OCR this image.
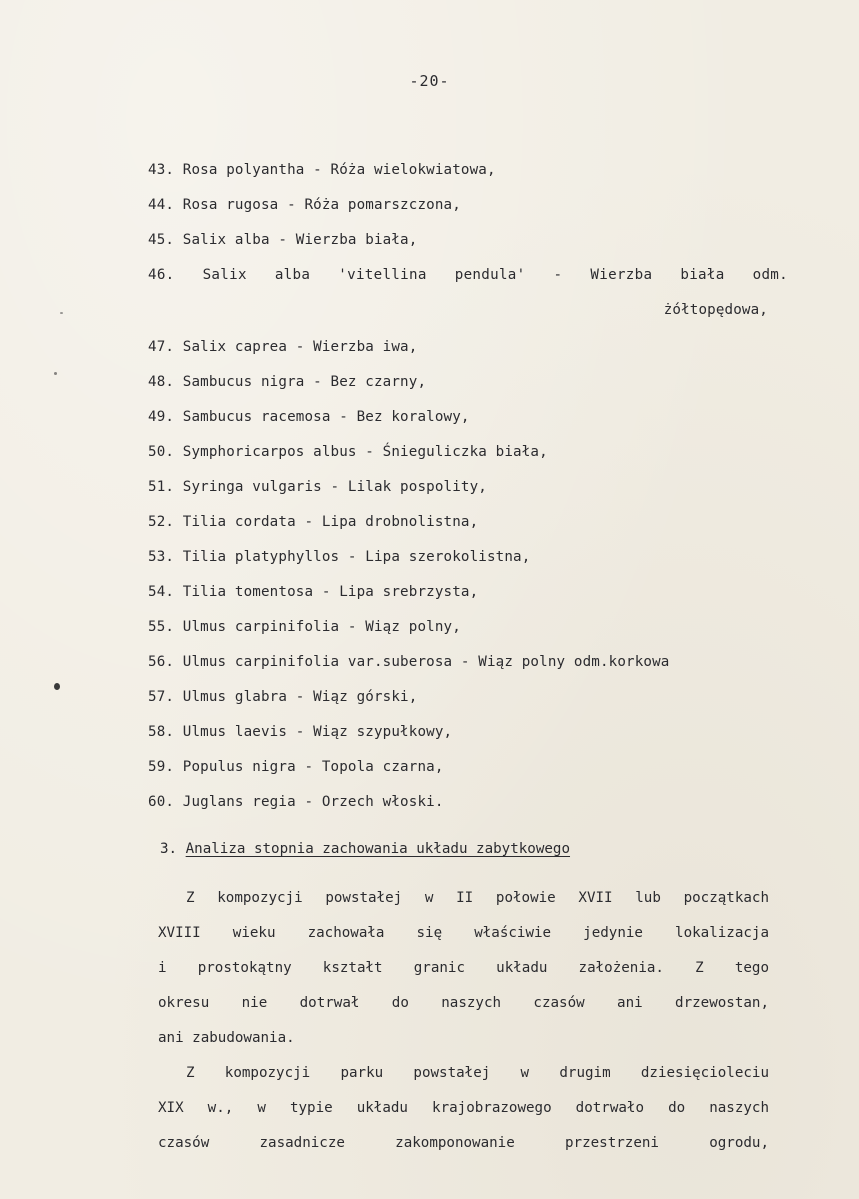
-20-
43. Rosa polyantha - Róża wielokwiatowa,
44. Rosa rugosa - Róża pomarszczona,
45. Salix alba - Wierzba biała,
46. Salix alba 'vitellina pendula' - Wierzba biała odm.
żółtopędowa,
47. Salix caprea - Wierzba iwa,
48. Sambucus nigra - Bez czarny,
49. Sambucus racemosa - Bez koralowy,
50. Symphoricarpos albus - Śnieguliczka biała,
51. Syringa vulgaris - Lilak pospolity,
52. Tilia cordata - Lipa drobnolistna,
53. Tilia platyphyllos - Lipa szerokolistna,
54. Tilia tomentosa - Lipa srebrzysta,
55. Ulmus carpinifolia - Wiąz polny,
56. Ulmus carpinifolia var.suberosa - Wiąz polny odm.korkowa
57. Ulmus glabra - Wiąz górski,
58. Ulmus laevis - Wiąz szypułkowy,
59. Populus nigra - Topola czarna,
60. Juglans regia - Orzech włoski.
3. Analiza stopnia zachowania układu zabytkowego

Z kompozycji powstałej w II połowie XVII lub początkach
XVIII wieku zachowała się właściwie jedynie lokalizacja
i prostokątny kształt granic układu założenia. Z tego
okresu nie dotrwał do naszych czasów ani drzewostan,
ani zabudowania.

Z kompozycji parku powstałej w drugim dziesięcioleciu
XIX w., w typie układu krajobrazowego dotrwało do naszych
czasów zasadnicze zakomponowanie przestrzeni ogrodu,
